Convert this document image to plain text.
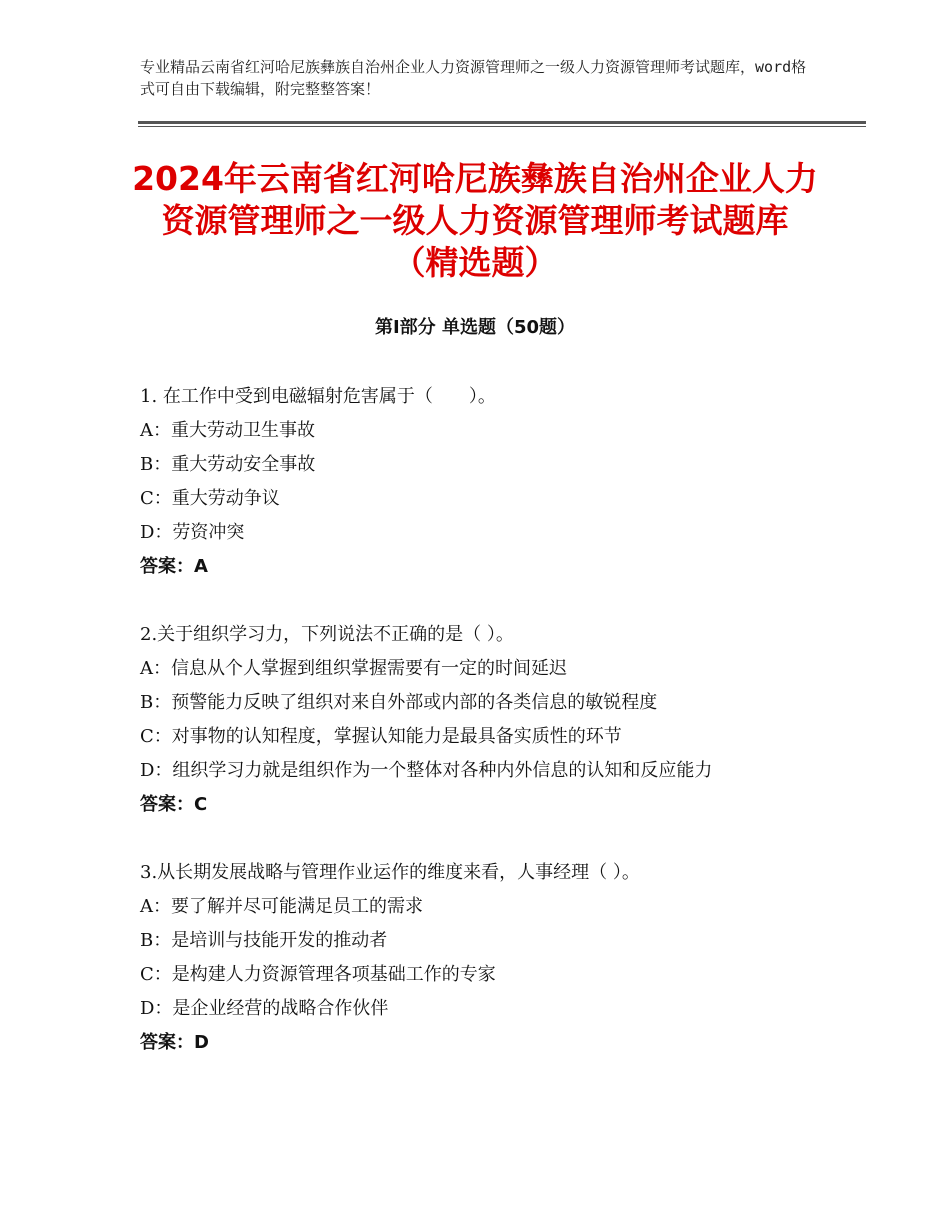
专业精品云南省红河哈尼族彝族自治州企业人力资源管理师之一级人力资源管理师考试题库，word格式可自由下载编辑，附完整整答案！
2024年云南省红河哈尼族彝族自治州企业人力资源管理师之一级人力资源管理师考试题库（精选题）
第Ⅰ部分 单选题（50题）

1. 在工作中受到电磁辐射危害属于（　　）。

A：重大劳动卫生事故

B：重大劳动安全事故

C：重大劳动争议

D：劳资冲突

答案：A

2.关于组织学习力，下列说法不正确的是（ ）。

A：信息从个人掌握到组织掌握需要有一定的时间延迟

B：预警能力反映了组织对来自外部或内部的各类信息的敏锐程度

C：对事物的认知程度，掌握认知能力是最具备实质性的环节

D：组织学习力就是组织作为一个整体对各种内外信息的认知和反应能力

答案：C

3.从长期发展战略与管理作业运作的维度来看，人事经理（ ）。

A：要了解并尽可能满足员工的需求

B：是培训与技能开发的推动者

C：是构建人力资源管理各项基础工作的专家

D：是企业经营的战略合作伙伴

答案：D
